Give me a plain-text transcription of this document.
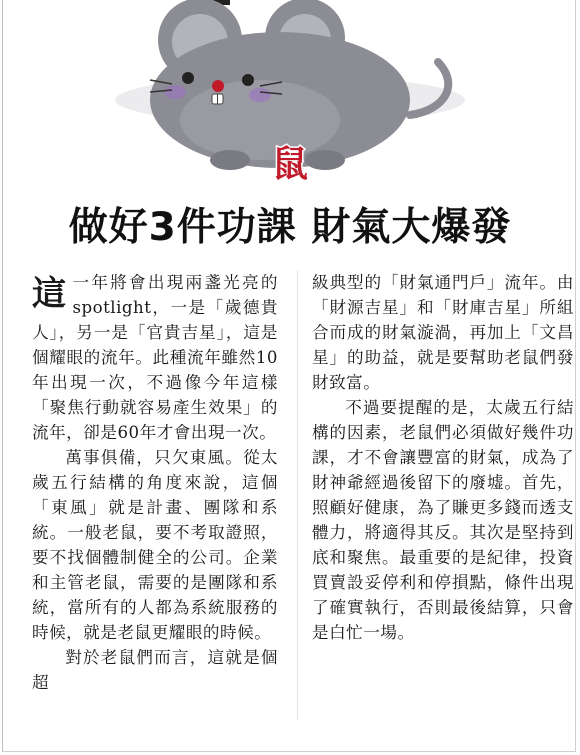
鼠
做好3件功課 財氣大爆發

這一年將會出現兩盞光亮的spotlight，一是「歲德貴人」，另一是「官貴吉星」，這是個耀眼的流年。此種流年雖然10年出現一次，不過像今年這樣「聚焦行動就容易產生效果」的流年，卻是60年才會出現一次。

萬事俱備，只欠東風。從太歲五行結構的角度來說，這個「東風」就是計畫、團隊和系統。一般老鼠，要不考取證照，要不找個體制健全的公司。企業和主管老鼠，需要的是團隊和系統，當所有的人都為系統服務的時候，就是老鼠更耀眼的時候。

對於老鼠們而言，這就是個超

級典型的「財氣通門戶」流年。由「財源吉星」和「財庫吉星」所組合而成的財氣漩渦，再加上「文昌星」的助益，就是要幫助老鼠們發財致富。

不過要提醒的是，太歲五行結構的因素，老鼠們必須做好幾件功課，才不會讓豐富的財氣，成為了財神爺經過後留下的廢墟。首先，照顧好健康，為了賺更多錢而透支體力，將適得其反。其次是堅持到底和聚焦。最重要的是紀律，投資買賣設妥停利和停損點，條件出現了確實執行，否則最後結算，只會是白忙一場。
